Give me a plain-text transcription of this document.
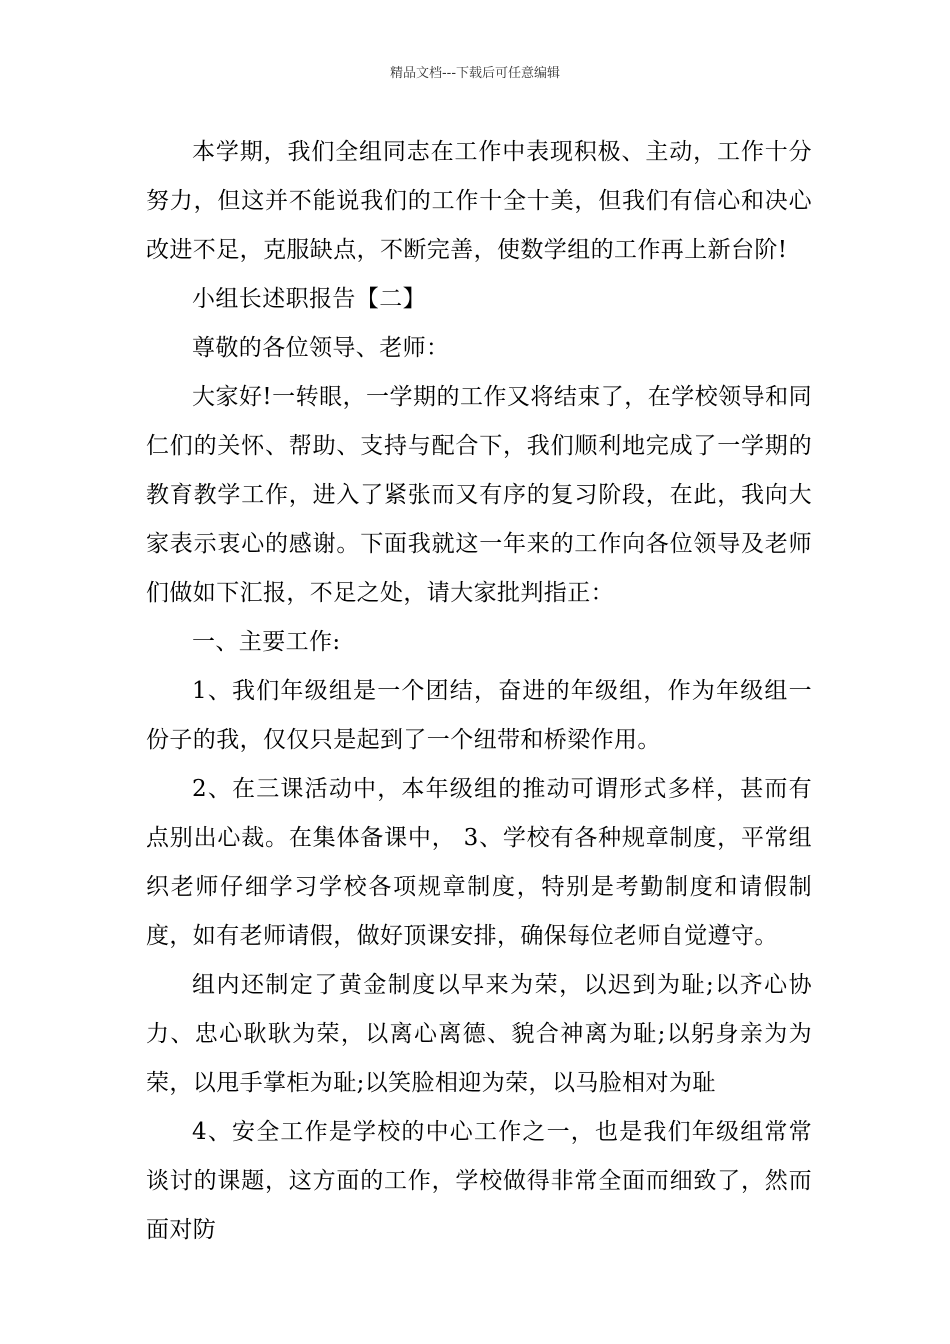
精品文档---下载后可任意编辑

本学期，我们全组同志在工作中表现积极、主动，工作十分努力，但这并不能说我们的工作十全十美，但我们有信心和决心改进不足，克服缺点，不断完善，使数学组的工作再上新台阶!

小组长述职报告【二】

尊敬的各位领导、老师：

大家好!一转眼，一学期的工作又将结束了，在学校领导和同仁们的关怀、帮助、支持与配合下，我们顺利地完成了一学期的教育教学工作，进入了紧张而又有序的复习阶段，在此，我向大家表示衷心的感谢。下面我就这一年来的工作向各位领导及老师们做如下汇报，不足之处，请大家批判指正：

一、主要工作:

1、我们年级组是一个团结，奋进的年级组，作为年级组一份子的我，仅仅只是起到了一个纽带和桥梁作用。

2、在三课活动中，本年级组的推动可谓形式多样，甚而有点别出心裁。在集体备课中， 3、学校有各种规章制度，平常组织老师仔细学习学校各项规章制度，特别是考勤制度和请假制度，如有老师请假，做好顶课安排，确保每位老师自觉遵守。

组内还制定了黄金制度以早来为荣，以迟到为耻;以齐心协力、忠心耿耿为荣，以离心离德、貌合神离为耻;以躬身亲为为荣，以甩手掌柜为耻;以笑脸相迎为荣，以马脸相对为耻

4、安全工作是学校的中心工作之一，也是我们年级组常常谈讨的课题，这方面的工作，学校做得非常全面而细致了，然而面对防
